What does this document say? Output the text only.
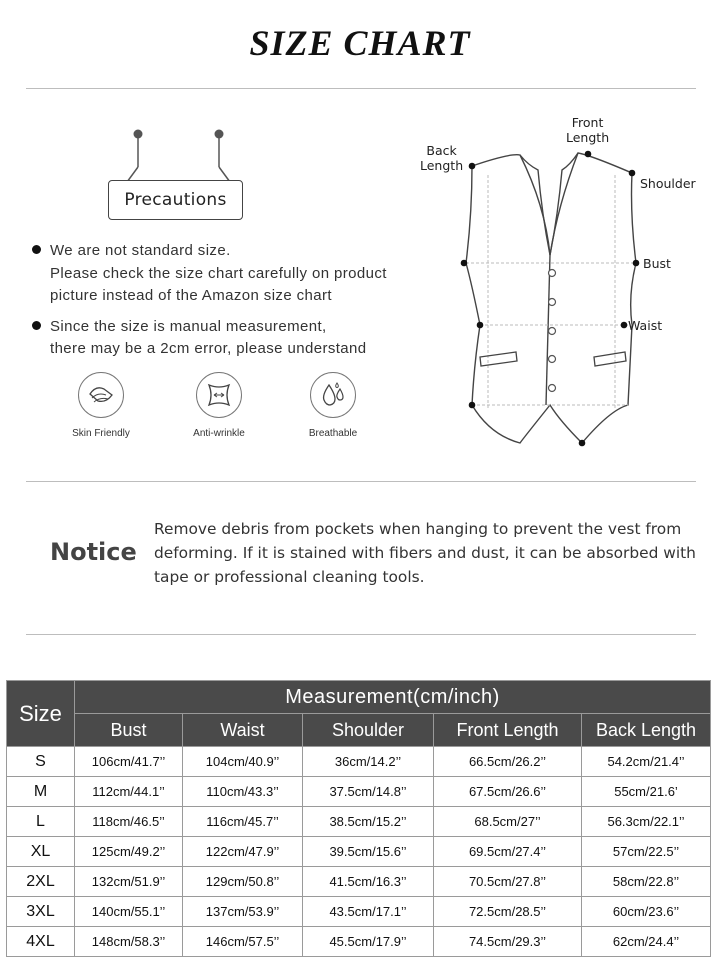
SIZE CHART
Precautions
We are not standard size.
Please check the size chart carefully on product
picture instead of the Amazon size chart
Since the size is manual measurement,
there may be a 2cm error, please understand
Skin Friendly	Anti-wrinkle	Breathable
Front
Length
Back
Length
Shoulder
Bust
Waist
Notice
Remove debris from pockets when hanging to prevent the vest from
deforming. If it is stained with fibers and dust, it can be absorbed with
tape or professional cleaning tools.
Size	Measurement(cm/inch)				
	Bust	Waist	Shoulder	Front Length	Back Length
S	106cm/41.7’’	104cm/40.9’’	36cm/14.2’’	66.5cm/26.2’’	54.2cm/21.4’’
M	112cm/44.1’’	110cm/43.3’’	37.5cm/14.8’’	67.5cm/26.6’’	55cm/21.6’
L	118cm/46.5’’	116cm/45.7’’	38.5cm/15.2’’	68.5cm/27’’	56.3cm/22.1’’
XL	125cm/49.2’’	122cm/47.9’’	39.5cm/15.6’’	69.5cm/27.4’’	57cm/22.5’’
2XL	132cm/51.9’’	129cm/50.8’’	41.5cm/16.3’’	70.5cm/27.8’’	58cm/22.8’’
3XL	140cm/55.1’’	137cm/53.9’’	43.5cm/17.1’’	72.5cm/28.5’’	60cm/23.6’’
4XL	148cm/58.3’’	146cm/57.5’’	45.5cm/17.9’’	74.5cm/29.3’’	62cm/24.4’’
